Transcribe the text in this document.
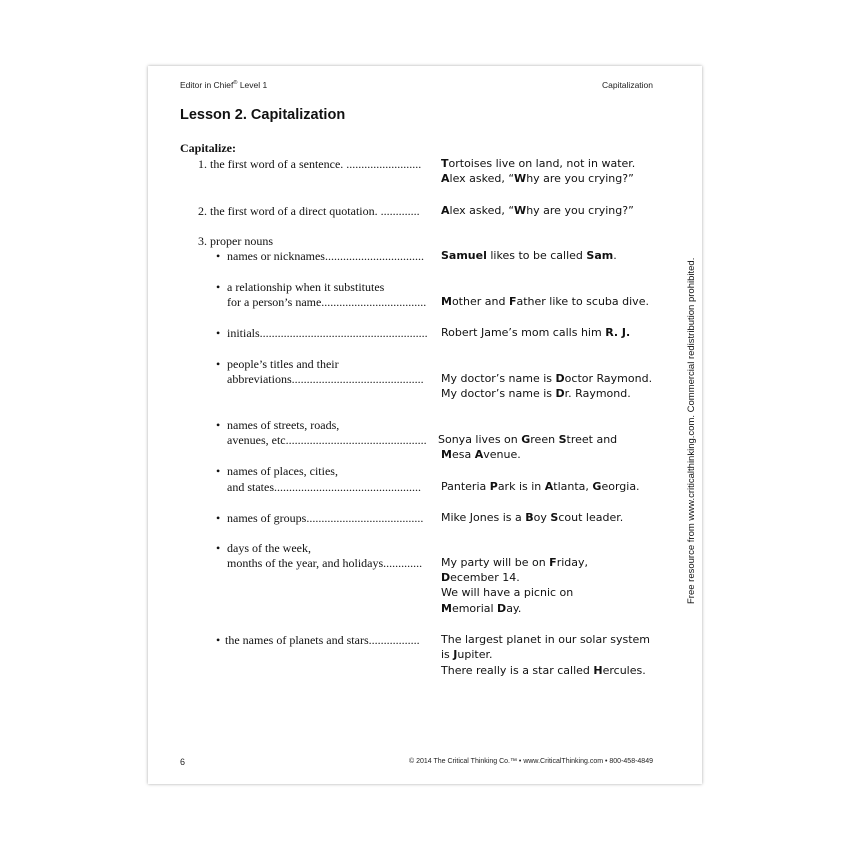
Editor in Chief® Level 1	Capitalization
Lesson 2. Capitalization
Capitalize:
1. the first word of a sentence. ......................... Tortoises live on land, not in water.
Alex asked, “Why are you crying?”
2. the first word of a direct quotation. ............. Alex asked, “Why are you crying?”
3. proper nouns
• names or nicknames................................. Samuel likes to be called Sam.
• a relationship when it substitutes
for a person’s name................................... Mother and Father like to scuba dive.
• initials........................................................ Robert Jame’s mom calls him R. J.
• people’s titles and their
abbreviations............................................ My doctor’s name is Doctor Raymond.
My doctor’s name is Dr. Raymond.
• names of streets, roads,
avenues, etc............................................... Sonya lives on Green Street and
Mesa Avenue.
• names of places, cities,
and states................................................. Panteria Park is in Atlanta, Georgia.
• names of groups....................................... Mike Jones is a Boy Scout leader.
• days of the week,
months of the year, and holidays............. My party will be on Friday,
December 14.
We will have a picnic on
Memorial Day.
• the names of planets and stars................. The largest planet in our solar system
is Jupiter.
There really is a star called Hercules.
Free resource from www.criticalthinking.com. Commercial redistribution prohibited.
6	© 2014 The Critical Thinking Co.™ • www.CriticalThinking.com • 800-458-4849
